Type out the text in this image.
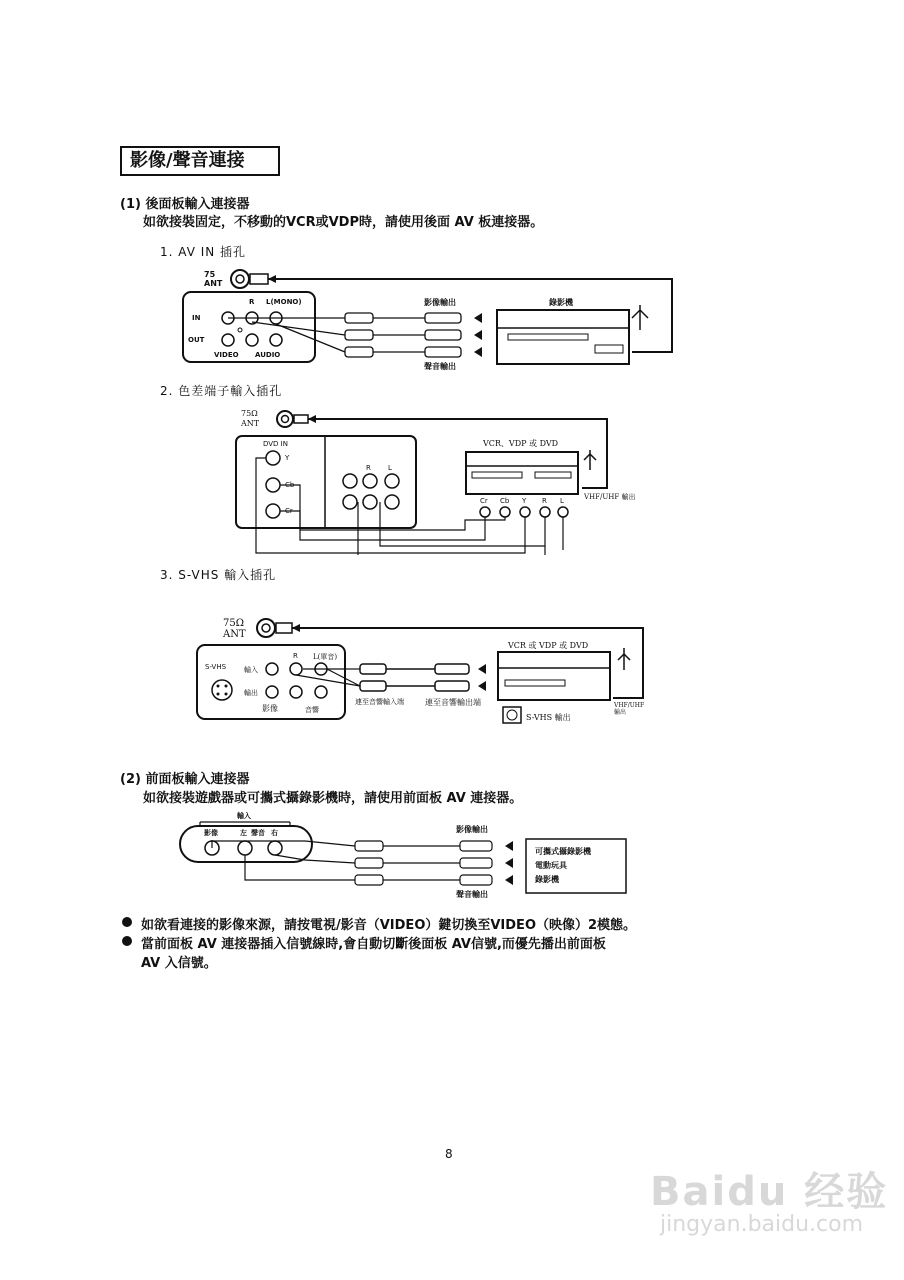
影像/聲音連接
(1) 後面板輸入連接器
如欲接裝固定，不移動的VCR或VDP時，請使用後面 AV 板連接器。
1. AV IN 插孔
75 ANT
IN
OUT
R L(MONO)
VIDEO AUDIO
影像輸出
聲音輸出
錄影機
2. 色差端子輸入插孔
75Ω ANT
DVD IN
Y
Cb
Cr
R L
VCR、VDP 或 DVD
VHF/UHF 輸出
Cr Cb Y R L
3. S-VHS 輸入插孔
75Ω ANT
S-VHS
R L(單音)
輸入
輸出
影像	音響
連至音響輸入端	連至音響輸出端
VCR 或 VDP 或 DVD
S-VHS 輸出
VHF/UHF 輸出
(2) 前面板輸入連接器
如欲接裝遊戲器或可攜式攝錄影機時，請使用前面板 AV 連接器。
輸入
影像	左 聲音 右	影像輸出
聲音輸出
可攜式攝錄影機
電動玩具
錄影機
如欲看連接的影像來源，請按電視/影音（VIDEO）鍵切換至VIDEO（映像）2模態。
當前面板 AV 連接器插入信號線時,會自動切斷後面板 AV信號,而優先播出前面板
AV 入信號。
8
Baidu 经验
jingyan.baidu.com
